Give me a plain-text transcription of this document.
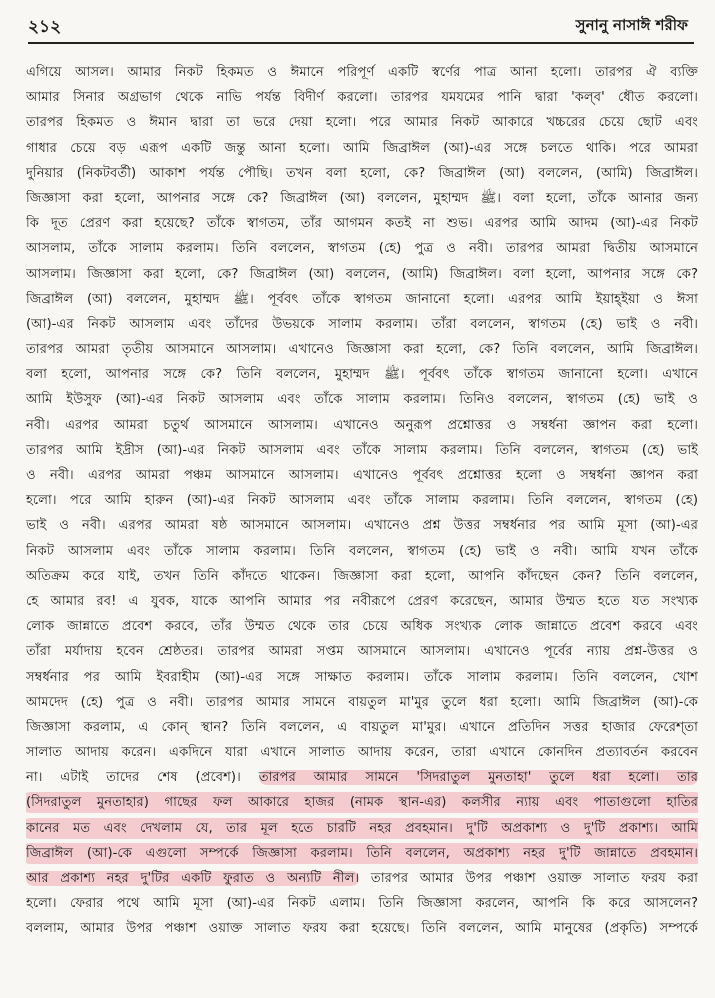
২১২	সুনানু নাসাঈ শরীফ
এগিয়ে আসল। আমার নিকট হিকমত ও ঈমানে পরিপূর্ণ একটি স্বর্ণের পাত্র আনা হলো। তারপর ঐ ব্যক্তি
আমার সিনার অগ্রভাগ থেকে নাভি পর্যন্ত বিদীর্ণ করলো। তারপর যমযমের পানি দ্বারা 'কল্‌ব' ধৌত করলো।
তারপর হিকমত ও ঈমান দ্বারা তা ভরে দেয়া হলো। পরে আমার নিকট আকারে খচ্চরের চেয়ে ছোট এবং
গাধার চেয়ে বড় এরূপ একটি জন্তু আনা হলো। আমি জিব্রাঈল (আ)-এর সঙ্গে চলতে থাকি। পরে আমরা
দুনিয়ার (নিকটবর্তী) আকাশ পর্যন্ত পৌছি। তখন বলা হলো, কে? জিব্রাঈল (আ) বললেন, (আমি) জিব্রাঈল।
জিজ্ঞাসা করা হলো, আপনার সঙ্গে কে? জিব্রাঈল (আ) বললেন, মুহাম্মদ ﷺ। বলা হলো, তাঁকে আনার জন্য
কি দূত প্রেরণ করা হয়েছে? তাঁকে স্বাগতম, তাঁর আগমন কতই না শুভ। এরপর আমি আদম (আ)-এর নিকট
আসলাম, তাঁকে সালাম করলাম। তিনি বললেন, স্বাগতম (হে) পুত্র ও নবী। তারপর আমরা দ্বিতীয় আসমানে
আসলাম। জিজ্ঞাসা করা হলো, কে? জিব্রাঈল (আ) বললেন, (আমি) জিব্রাঈল। বলা হলো, আপনার সঙ্গে কে?
জিব্রাঈল (আ) বললেন, মুহাম্মদ ﷺ। পূর্ববৎ তাঁকে স্বাগতম জানানো হলো। এরপর আমি ইয়াহ্‌ইয়া ও ঈসা
(আ)-এর নিকট আসলাম এবং তাঁদের উভয়কে সালাম করলাম। তাঁরা বললেন, স্বাগতম (হে) ভাই ও নবী।
তারপর আমরা তৃতীয় আসমানে আসলাম। এখানেও জিজ্ঞাসা করা হলো, কে? তিনি বললেন, আমি জিব্রাঈল।
বলা হলো, আপনার সঙ্গে কে? তিনি বললেন, মুহাম্মদ ﷺ। পূর্ববৎ তাঁকে স্বাগতম জানানো হলো। এখানে
আমি ইউসুফ (আ)-এর নিকট আসলাম এবং তাঁকে সালাম করলাম। তিনিও বললেন, স্বাগতম (হে) ভাই ও
নবী। এরপর আমরা চতুর্থ আসমানে আসলাম। এখানেও অনুরূপ প্রশ্নোত্তর ও সম্বর্ধনা জ্ঞাপন করা হলো।
তারপর আমি ইদ্রীস (আ)-এর নিকট আসলাম এবং তাঁকে সালাম করলাম। তিনি বললেন, স্বাগতম (হে) ভাই
ও নবী। এরপর আমরা পঞ্চম আসমানে আসলাম। এখানেও পূর্ববৎ প্রশ্নোত্তর হলো ও সম্বর্ধনা জ্ঞাপন করা
হলো। পরে আমি হারুন (আ)-এর নিকট আসলাম এবং তাঁকে সালাম করলাম। তিনি বললেন, স্বাগতম (হে)
ভাই ও নবী। এরপর আমরা ষষ্ঠ আসমানে আসলাম। এখানেও প্রশ্ন উত্তর সম্বর্ধনার পর আমি মূসা (আ)-এর
নিকট আসলাম এবং তাঁকে সালাম করলাম। তিনি বললেন, স্বাগতম (হে) ভাই ও নবী। আমি যখন তাঁকে
অতিক্রম করে যাই, তখন তিনি কাঁদতে থাকেন। জিজ্ঞাসা করা হলো, আপনি কাঁদছেন কেন? তিনি বললেন,
হে আমার রব! এ যুবক, যাকে আপনি আমার পর নবীরূপে প্রেরণ করেছেন, আমার উম্মত হতে যত সংখ্যক
লোক জান্নাতে প্রবেশ করবে, তাঁর উম্মত থেকে তার চেয়ে অধিক সংখ্যক লোক জান্নাতে প্রবেশ করবে এবং
তাঁরা মর্যাদায় হবেন শ্রেষ্ঠতর। তারপর আমরা সপ্তম আসমানে আসলাম। এখানেও পূর্বের ন্যায় প্রশ্ন-উত্তর ও
সম্বর্ধনার পর আমি ইবরাহীম (আ)-এর সঙ্গে সাক্ষাত করলাম। তাঁকে সালাম করলাম। তিনি বললেন, খোশ
আমদেদ (হে) পুত্র ও নবী। তারপর আমার সামনে বায়তুল মা'মুর তুলে ধরা হলো। আমি জিব্রাঈল (আ)-কে
জিজ্ঞাসা করলাম, এ কোন্ স্থান? তিনি বললেন, এ বায়তুল মা'মুর। এখানে প্রতিদিন সত্তর হাজার ফেরেশ্‌তা
সালাত আদায় করেন। একদিনে যারা এখানে সালাত আদায় করেন, তারা এখানে কোনদিন প্রত্যাবর্তন করবেন
না। এটাই তাদের শেষ (প্রবেশ)। তারপর আমার সামনে 'সিদরাতুল মুনতাহা' তুলে ধরা হলো। তার
(সিদরাতুল মুনতাহার) গাছের ফল আকারে হাজর (নামক স্থান-এর) কলসীর ন্যায় এবং পাতাগুলো হাতির
কানের মত এবং দেখলাম যে, তার মূল হতে চারটি নহর প্রবহমান। দু'টি অপ্রকাশ্য ও দু'টি প্রকাশ্য। আমি
জিব্রাঈল (আ)-কে এগুলো সম্পর্কে জিজ্ঞাসা করলাম। তিনি বললেন, অপ্রকাশ্য নহর দু'টি জান্নাতে প্রবহমান।
আর প্রকাশ্য নহর দু'টির একটি ফুরাত ও অন্যটি নীল। তারপর আমার উপর পঞ্চাশ ওয়াক্ত সালাত ফরয করা
হলো। ফেরার পথে আমি মূসা (আ)-এর নিকট এলাম। তিনি জিজ্ঞাসা করলেন, আপনি কি করে আসলেন?
বললাম, আমার উপর পঞ্চাশ ওয়াক্ত সালাত ফরয করা হয়েছে। তিনি বললেন, আমি মানুষের (প্রকৃতি) সম্পর্কে
